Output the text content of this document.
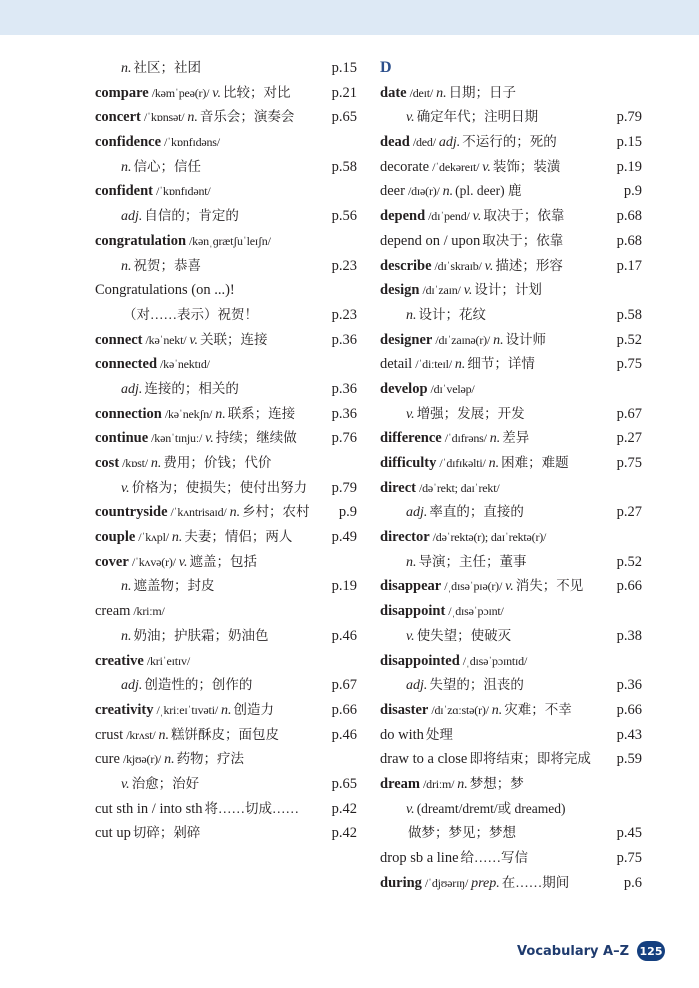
n. 社区；社团	p.15
compare /kəmˈpeə(r)/ v. 比较；对比	p.21
concert /ˈkɒnsət/ n. 音乐会；演奏会	p.65
confidence /ˈkɒnfɪdəns/
n. 信心；信任	p.58
confident /ˈkɒnfɪdənt/
adj. 自信的；肯定的	p.56
congratulation /kənˌɡrætʃuˈleɪʃn/
n. 祝贺；恭喜	p.23
Congratulations (on ...)!
（对……表示）祝贺！	p.23
connect /kəˈnekt/ v. 关联；连接	p.36
connected /kəˈnektɪd/
adj. 连接的；相关的	p.36
connection /kəˈnekʃn/ n. 联系；连接	p.36
continue /kənˈtɪnjuː/ v. 持续；继续做 p.76
cost /kɒst/ n. 费用；价钱；代价
v. 价格为；使损失；使付出努力 p.79
countryside /ˈkʌntrisaɪd/ n. 乡村；农村 p.9
couple /ˈkʌpl/ n. 夫妻；情侣；两人	p.49
cover /ˈkʌvə(r)/ v. 遮盖；包括
n. 遮盖物；封皮	p.19
cream /kriːm/
n. 奶油；护肤霜；奶油色	p.46
creative /kriˈeɪtɪv/
adj. 创造性的；创作的	p.67
creativity /ˌkriːeɪˈtɪvəti/ n. 创造力	p.66
crust /krʌst/ n. 糕饼酥皮；面包皮	p.46
cure /kjʊə(r)/ n. 药物；疗法
v. 治愈；治好	p.65
cut sth in / into sth 将……切成…… p.42
cut up 切碎；剁碎	p.42
D
date /deɪt/ n. 日期；日子
v. 确定年代；注明日期	p.79
dead /ded/ adj. 不运行的；死的	p.15
decorate /ˈdekəreɪt/ v. 装饰；装潢	p.19
deer /dɪə(r)/ n. (pl. deer) 鹿	p.9
depend /dɪˈpend/ v. 取决于；依靠	p.68
depend on / upon 取决于；依靠	p.68
describe /dɪˈskraɪb/ v. 描述；形容	p.17
design /dɪˈzaɪn/ v. 设计；计划
n. 设计；花纹	p.58
designer /dɪˈzaɪnə(r)/ n. 设计师	p.52
detail /ˈdiːteɪl/ n. 细节；详情	p.75
develop /dɪˈveləp/
v. 增强；发展；开发	p.67
difference /ˈdɪfrəns/ n. 差异	p.27
difficulty /ˈdɪfɪkəlti/ n. 困难；难题	p.75
direct /dəˈrekt; daɪˈrekt/
adj. 率直的；直接的	p.27
director /dəˈrektə(r); daɪˈrektə(r)/
n. 导演；主任；董事	p.52
disappear /ˌdɪsəˈpɪə(r)/ v. 消失；不见 p.66
disappoint /ˌdɪsəˈpɔɪnt/
v. 使失望；使破灭	p.38
disappointed /ˌdɪsəˈpɔɪntɪd/
adj. 失望的；沮丧的	p.36
disaster /dɪˈzɑːstə(r)/ n. 灾难；不幸	p.66
do with 处理	p.43
draw to a close 即将结束；即将完成 p.59
dream /driːm/ n. 梦想；梦
v. (dreamt/dremt/或 dreamed)
做梦；梦见；梦想	p.45
drop sb a line 给……写信	p.75
during /ˈdjʊərɪŋ/ prep. 在……期间	p.6
Vocabulary A–Z 125
